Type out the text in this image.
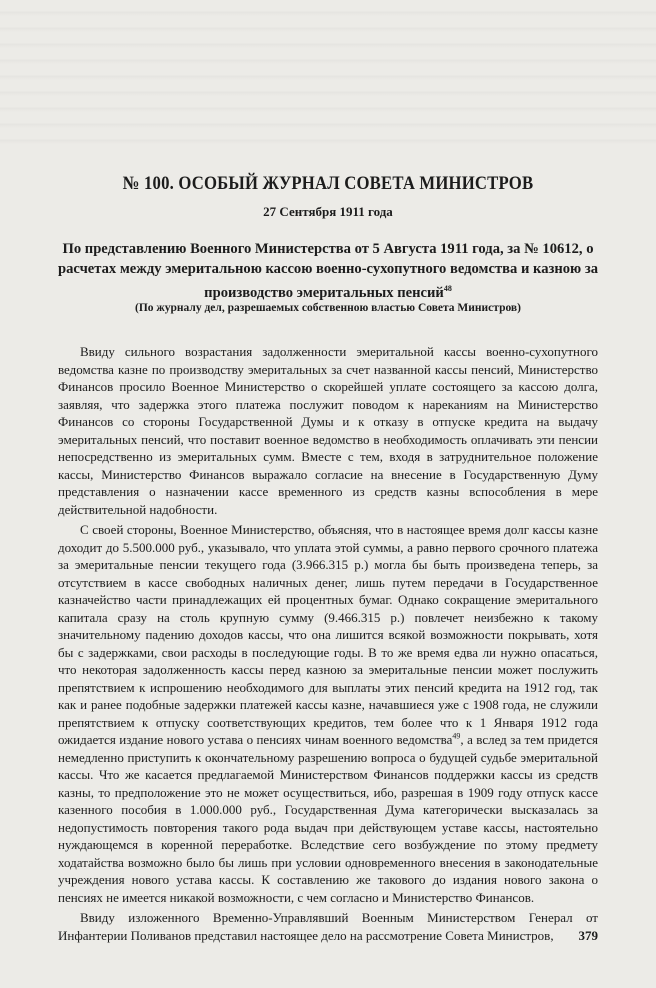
№ 100. ОСОБЫЙ ЖУРНАЛ СОВЕТА МИНИСТРОВ
27 Сентября 1911 года
По представлению Военного Министерства от 5 Августа 1911 года, за № 10612, о расчетах между эмеритальною кассою военно-сухопутного ведомства и казною за производство эмеритальных пенсий$^{48}$
(По журналу дел, разрешаемых собственною властью Совета Министров)

Ввиду сильного возрастания задолженности эмеритальной кассы военно-сухопутного ведомства казне по производству эмеритальных за счет названной кассы пенсий, Министерство Финансов просило Военное Министерство о скорейшей уплате состоящего за кассою долга, заявляя, что задержка этого платежа послужит поводом к нареканиям на Министерство Финансов со стороны Государственной Думы и к отказу в отпуске кредита на выдачу эмеритальных пенсий, что поставит военное ведомство в необходимость оплачивать эти пенсии непосредственно из эмеритальных сумм. Вместе с тем, входя в затруднительное положение кассы, Министерство Финансов выражало согласие на внесение в Государственную Думу представления о назначении кассе временного из средств казны вспособления в мере действительной надобности.

С своей стороны, Военное Министерство, объясняя, что в настоящее время долг кассы казне доходит до 5.500.000 руб., указывало, что уплата этой суммы, а равно первого срочного платежа за эмеритальные пенсии текущего года (3.966.315 р.) могла бы быть произведена теперь, за отсутствием в кассе свободных наличных денег, лишь путем передачи в Государственное казначейство части принадлежащих ей процентных бумаг. Однако сокращение эмеритального капитала сразу на столь крупную сумму (9.466.315 р.) повлечет неизбежно к такому значительному падению доходов кассы, что она лишится всякой возможности покрывать, хотя бы с задержками, свои расходы в последующие годы. В то же время едва ли нужно опасаться, что некоторая задолженность кассы перед казною за эмеритальные пенсии может послужить препятствием к испрошению необходимого для выплаты этих пенсий кредита на 1912 год, так как и ранее подобные задержки платежей кассы казне, начавшиеся уже с 1908 года, не служили препятствием к отпуску соответствующих кредитов, тем более что к 1 Января 1912 года ожидается издание нового устава о пенсиях чинам военного ведомства$^{49}$, а вслед за тем придется немедленно приступить к окончательному разрешению вопроса о будущей судьбе эмеритальной кассы. Что же касается предлагаемой Министерством Финансов поддержки кассы из средств казны, то предположение это не может осуществиться, ибо, разрешая в 1909 году отпуск кассе казенного пособия в 1.000.000 руб., Государственная Дума категорически высказалась за недопустимость повторения такого рода выдач при действующем уставе кассы, настоятельно нуждающемся в коренной переработке. Вследствие сего возбуждение по этому предмету ходатайства возможно было бы лишь при условии одновременного внесения в законодательные учреждения нового устава кассы. К составлению же такового до издания нового закона о пенсиях не имеется никакой возможности, с чем согласно и Министерство Финансов.

Ввиду изложенного Временно-Управлявший Военным Министерством Генерал от Инфантерии Поливанов представил настоящее дело на рассмотрение Совета Министров,	379
